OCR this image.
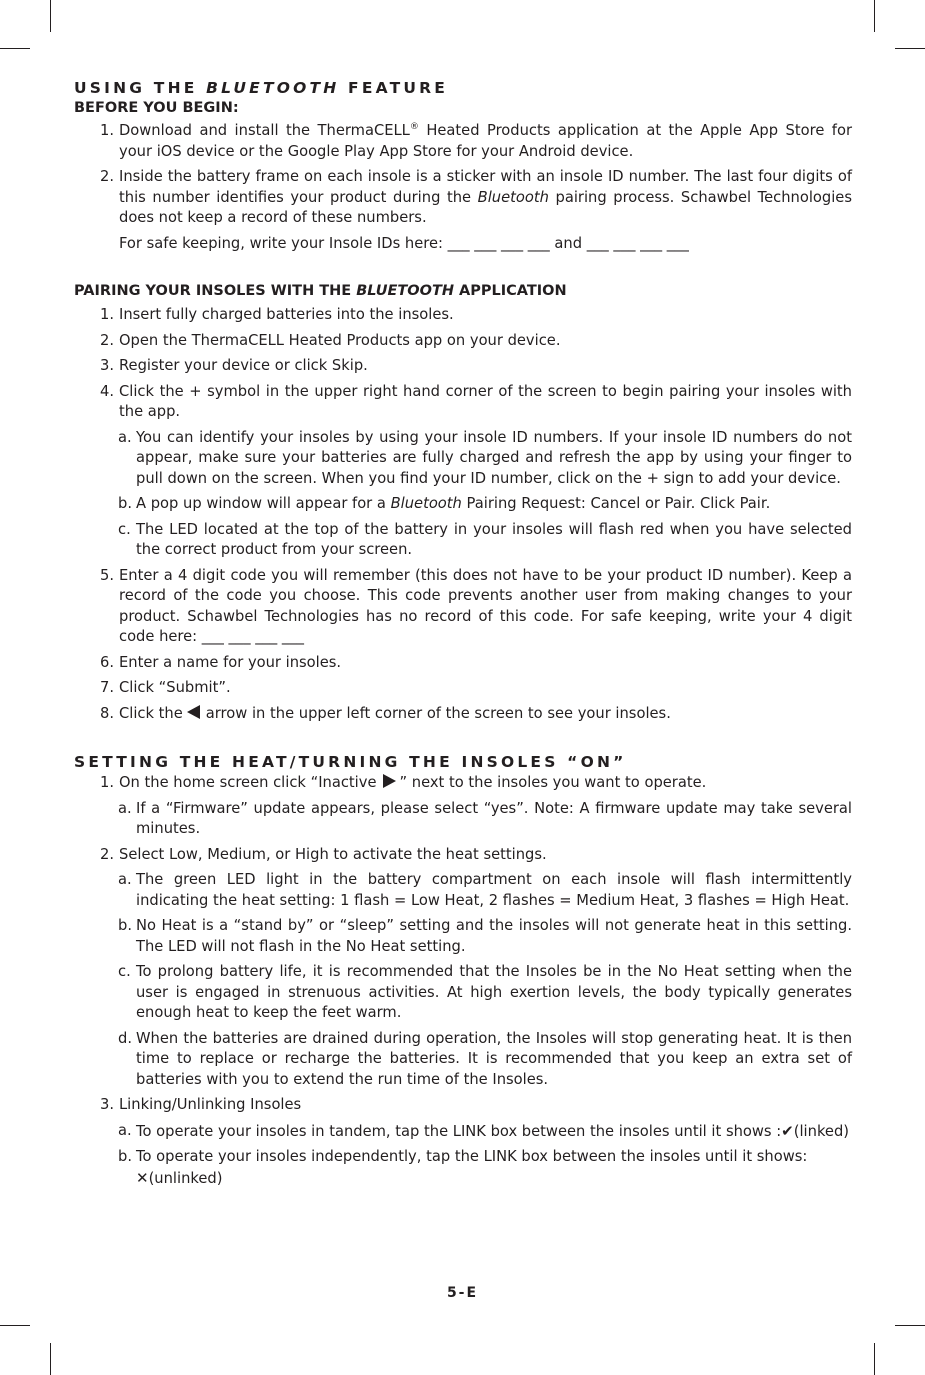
USING THE BLUETOOTH FEATURE
BEFORE YOU BEGIN:
1. Download and install the ThermaCELL® Heated Products application at the Apple App Store for your iOS device or the Google Play App Store for your Android device.
2. Inside the battery frame on each insole is a sticker with an insole ID number. The last four digits of this number identifies your product during the Bluetooth pairing process. Schawbel Technologies does not keep a record of these numbers.
For safe keeping, write your Insole IDs here: ___ ___ ___ ___ and ___ ___ ___ ___
PAIRING YOUR INSOLES WITH THE BLUETOOTH APPLICATION
1. Insert fully charged batteries into the insoles.
2. Open the ThermaCELL Heated Products app on your device.
3. Register your device or click Skip.
4. Click the + symbol in the upper right hand corner of the screen to begin pairing your insoles with the app.
a. You can identify your insoles by using your insole ID numbers. If your insole ID numbers do not appear, make sure your batteries are fully charged and refresh the app by using your finger to pull down on the screen. When you find your ID number, click on the + sign to add your device.
b. A pop up window will appear for a Bluetooth Pairing Request: Cancel or Pair. Click Pair.
c. The LED located at the top of the battery in your insoles will flash red when you have selected the correct product from your screen.
5. Enter a 4 digit code you will remember (this does not have to be your product ID number). Keep a record of the code you choose. This code prevents another user from making changes to your product. Schawbel Technologies has no record of this code. For safe keeping, write your 4 digit code here: ___ ___ ___ ___
6. Enter a name for your insoles.
7. Click “Submit”.
8. Click the arrow in the upper left corner of the screen to see your insoles.
SETTING THE HEAT/TURNING THE INSOLES “ON”
1. On the home screen click “Inactive ” next to the insoles you want to operate.
a. If a “Firmware” update appears, please select “yes”. Note: A firmware update may take several minutes.
2. Select Low, Medium, or High to activate the heat settings.
a. The green LED light in the battery compartment on each insole will flash intermittently indicating the heat setting: 1 flash = Low Heat, 2 flashes = Medium Heat, 3 flashes = High Heat.
b. No Heat is a “stand by” or “sleep” setting and the insoles will not generate heat in this setting. The LED will not flash in the No Heat setting.
c. To prolong battery life, it is recommended that the Insoles be in the No Heat setting when the user is engaged in strenuous activities. At high exertion levels, the body typically generates enough heat to keep the feet warm.
d. When the batteries are drained during operation, the Insoles will stop generating heat. It is then time to replace or recharge the batteries. It is recommended that you keep an extra set of batteries with you to extend the run time of the Insoles.
3. Linking/Unlinking Insoles
a. To operate your insoles in tandem, tap the LINK box between the insoles until it shows :✔(linked)
b. To operate your insoles independently, tap the LINK box between the insoles until it shows:
✕(unlinked)
5-E
